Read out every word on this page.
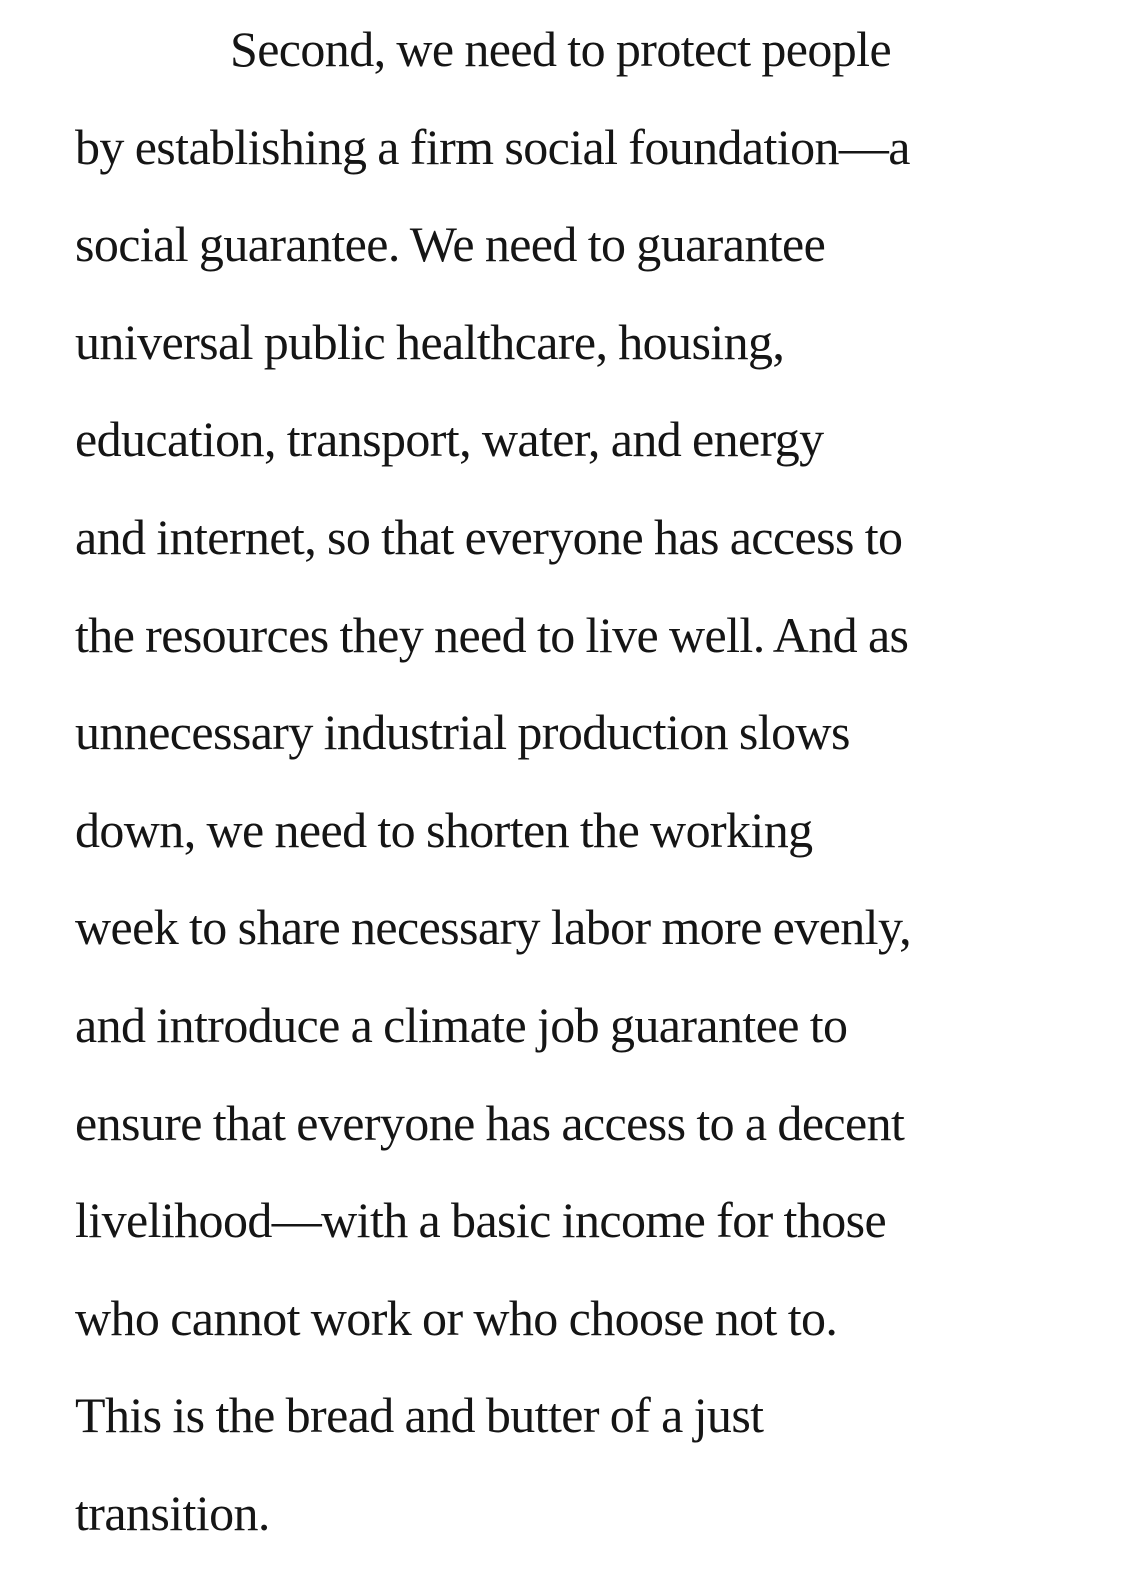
Second, we need to protect people
by establishing a firm social foundation—a
social guarantee. We need to guarantee
universal public healthcare, housing,
education, transport, water, and energy
and internet, so that everyone has access to
the resources they need to live well. And as
unnecessary industrial production slows
down, we need to shorten the working
week to share necessary labor more evenly,
and introduce a climate job guarantee to
ensure that everyone has access to a decent
livelihood—with a basic income for those
who cannot work or who choose not to.
This is the bread and butter of a just
transition.
